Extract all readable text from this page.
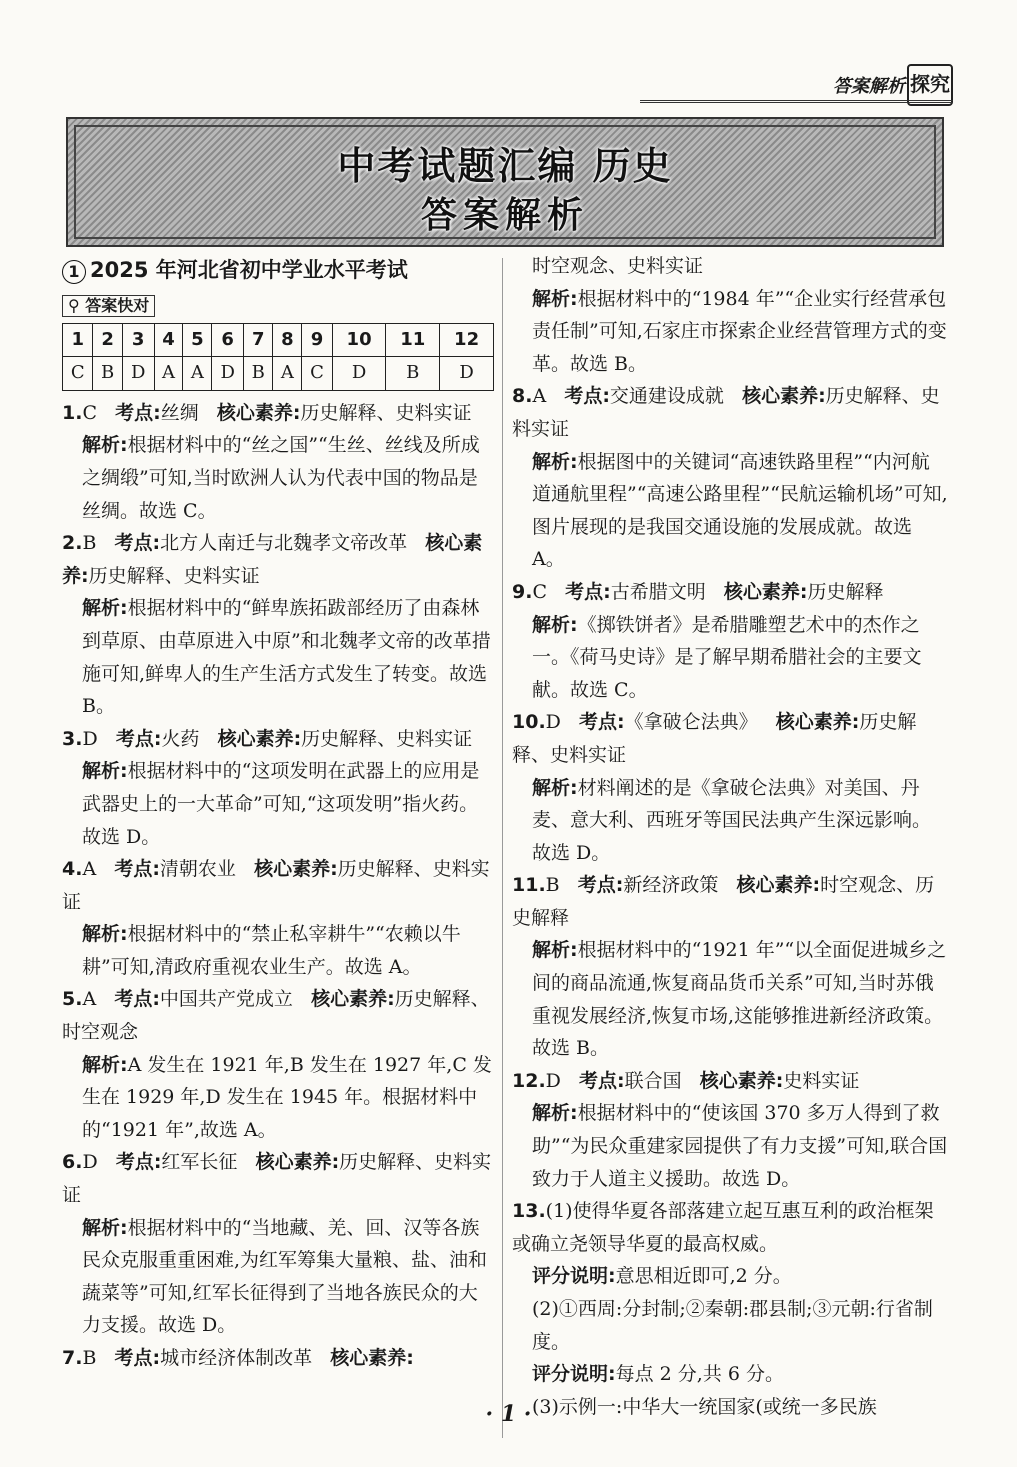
探究
答案解析
中考试题汇编 历史
答案解析
1 2025 年河北省初中学业水平考试
⚲ 答案快对
1	2	3	4	5	6	7	8	9	10	11	12
C	B	D	A	A	D	B	A	C	D	B	D
1.C 考点:丝绸 核心素养:历史解释、史料实证
解析:根据材料中的“丝之国”“生丝、丝线及所成之绸缎”可知,当时欧洲人认为代表中国的物品是丝绸。故选 C。
2.B 考点:北方人南迁与北魏孝文帝改革 核心素养:历史解释、史料实证
解析:根据材料中的“鲜卑族拓跋部经历了由森林到草原、由草原进入中原”和北魏孝文帝的改革措施可知,鲜卑人的生产生活方式发生了转变。故选 B。
3.D 考点:火药 核心素养:历史解释、史料实证
解析:根据材料中的“这项发明在武器上的应用是武器史上的一大革命”可知,“这项发明”指火药。故选 D。
4.A 考点:清朝农业 核心素养:历史解释、史料实证
解析:根据材料中的“禁止私宰耕牛”“农赖以牛耕”可知,清政府重视农业生产。故选 A。
5.A 考点:中国共产党成立 核心素养:历史解释、时空观念
解析:A 发生在 1921 年,B 发生在 1927 年,C 发生在 1929 年,D 发生在 1945 年。根据材料中的“1921 年”,故选 A。
6.D 考点:红军长征 核心素养:历史解释、史料实证
解析:根据材料中的“当地藏、羌、回、汉等各族民众克服重重困难,为红军筹集大量粮、盐、油和蔬菜等”可知,红军长征得到了当地各族民众的大力支援。故选 D。
7.B 考点:城市经济体制改革 核心素养:
时空观念、史料实证
解析:根据材料中的“1984 年”“企业实行经营承包责任制”可知,石家庄市探索企业经营管理方式的变革。故选 B。
8.A 考点:交通建设成就 核心素养:历史解释、史料实证
解析:根据图中的关键词“高速铁路里程”“内河航道通航里程”“高速公路里程”“民航运输机场”可知,图片展现的是我国交通设施的发展成就。故选 A。
9.C 考点:古希腊文明 核心素养:历史解释
解析:《掷铁饼者》是希腊雕塑艺术中的杰作之一。《荷马史诗》是了解早期希腊社会的主要文献。故选 C。
10.D 考点:《拿破仑法典》 核心素养:历史解释、史料实证
解析:材料阐述的是《拿破仑法典》对美国、丹麦、意大利、西班牙等国民法典产生深远影响。故选 D。
11.B 考点:新经济政策 核心素养:时空观念、历史解释
解析:根据材料中的“1921 年”“以全面促进城乡之间的商品流通,恢复商品货币关系”可知,当时苏俄重视发展经济,恢复市场,这能够推进新经济政策。故选 B。
12.D 考点:联合国 核心素养:史料实证
解析:根据材料中的“使该国 370 多万人得到了救助”“为民众重建家园提供了有力支援”可知,联合国致力于人道主义援助。故选 D。
13.(1)使得华夏各部落建立起互惠互利的政治框架或确立尧领导华夏的最高权威。
评分说明:意思相近即可,2 分。
(2)①西周:分封制;②秦朝:郡县制;③元朝:行省制度。
评分说明:每点 2 分,共 6 分。
(3)示例一:中华大一统国家(或统一多民族
· 1 ·
